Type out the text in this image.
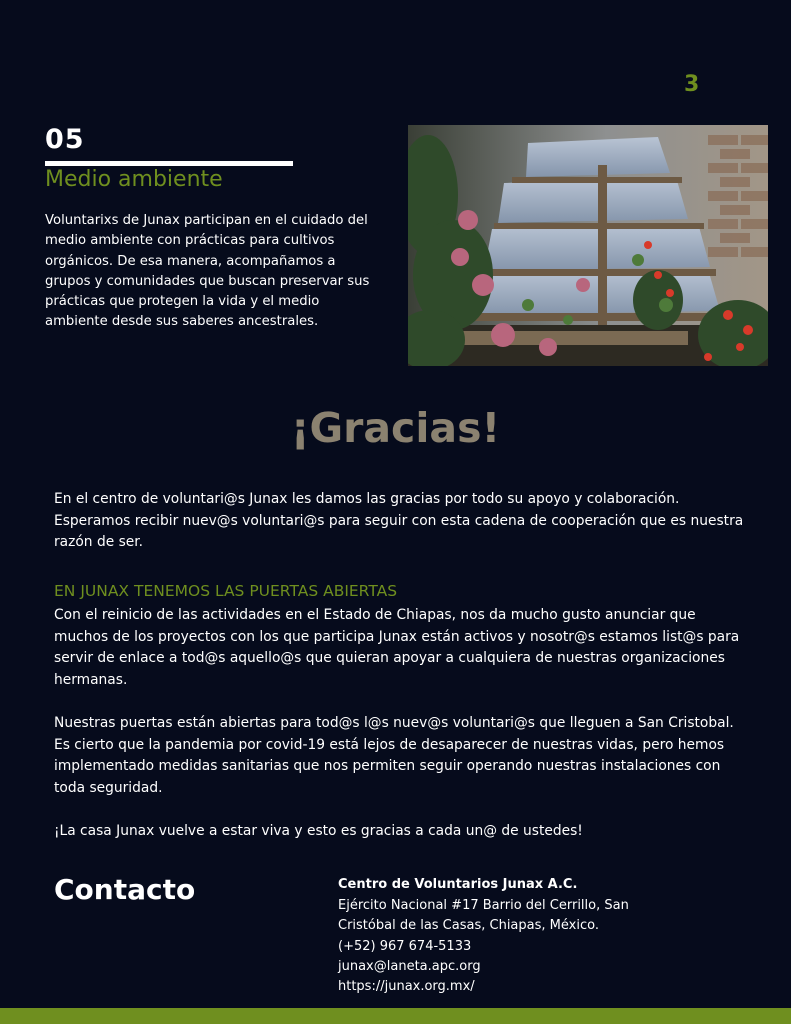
3
05
Medio ambiente
Voluntarixs de Junax participan en el cuidado del medio ambiente con prácticas para cultivos orgánicos. De esa manera, acompañamos a grupos y comunidades que buscan preservar sus prácticas que protegen la vida y el medio ambiente desde sus saberes ancestrales.
¡Gracias!
En el centro de voluntari@s Junax les damos las gracias por todo su apoyo y colaboración. Esperamos recibir nuev@s voluntari@s para seguir con esta cadena de cooperación que es nuestra razón de ser.
EN JUNAX TENEMOS LAS PUERTAS ABIERTAS

Con el reinicio de las actividades en el Estado de Chiapas, nos da mucho gusto anunciar que muchos de los proyectos con los que participa Junax están activos y nosotr@s estamos list@s para servir de enlace a tod@s aquello@s que quieran apoyar a cualquiera de nuestras organizaciones hermanas.

Nuestras puertas están abiertas para tod@s l@s nuev@s voluntari@s que lleguen a San Cristobal. Es cierto que la pandemia por covid-19 está lejos de desaparecer de nuestras vidas, pero hemos implementado medidas sanitarias que nos permiten seguir operando nuestras instalaciones con toda seguridad.

¡La casa Junax vuelve a estar viva y esto es gracias a cada un@ de ustedes!

Contacto	Centro de Voluntarios Junax A.C.
Ejército Nacional #17 Barrio del Cerrillo, San
Cristóbal de las Casas, Chiapas, México.
(+52) 967 674-5133
junax@laneta.apc.org
https://junax.org.mx/
